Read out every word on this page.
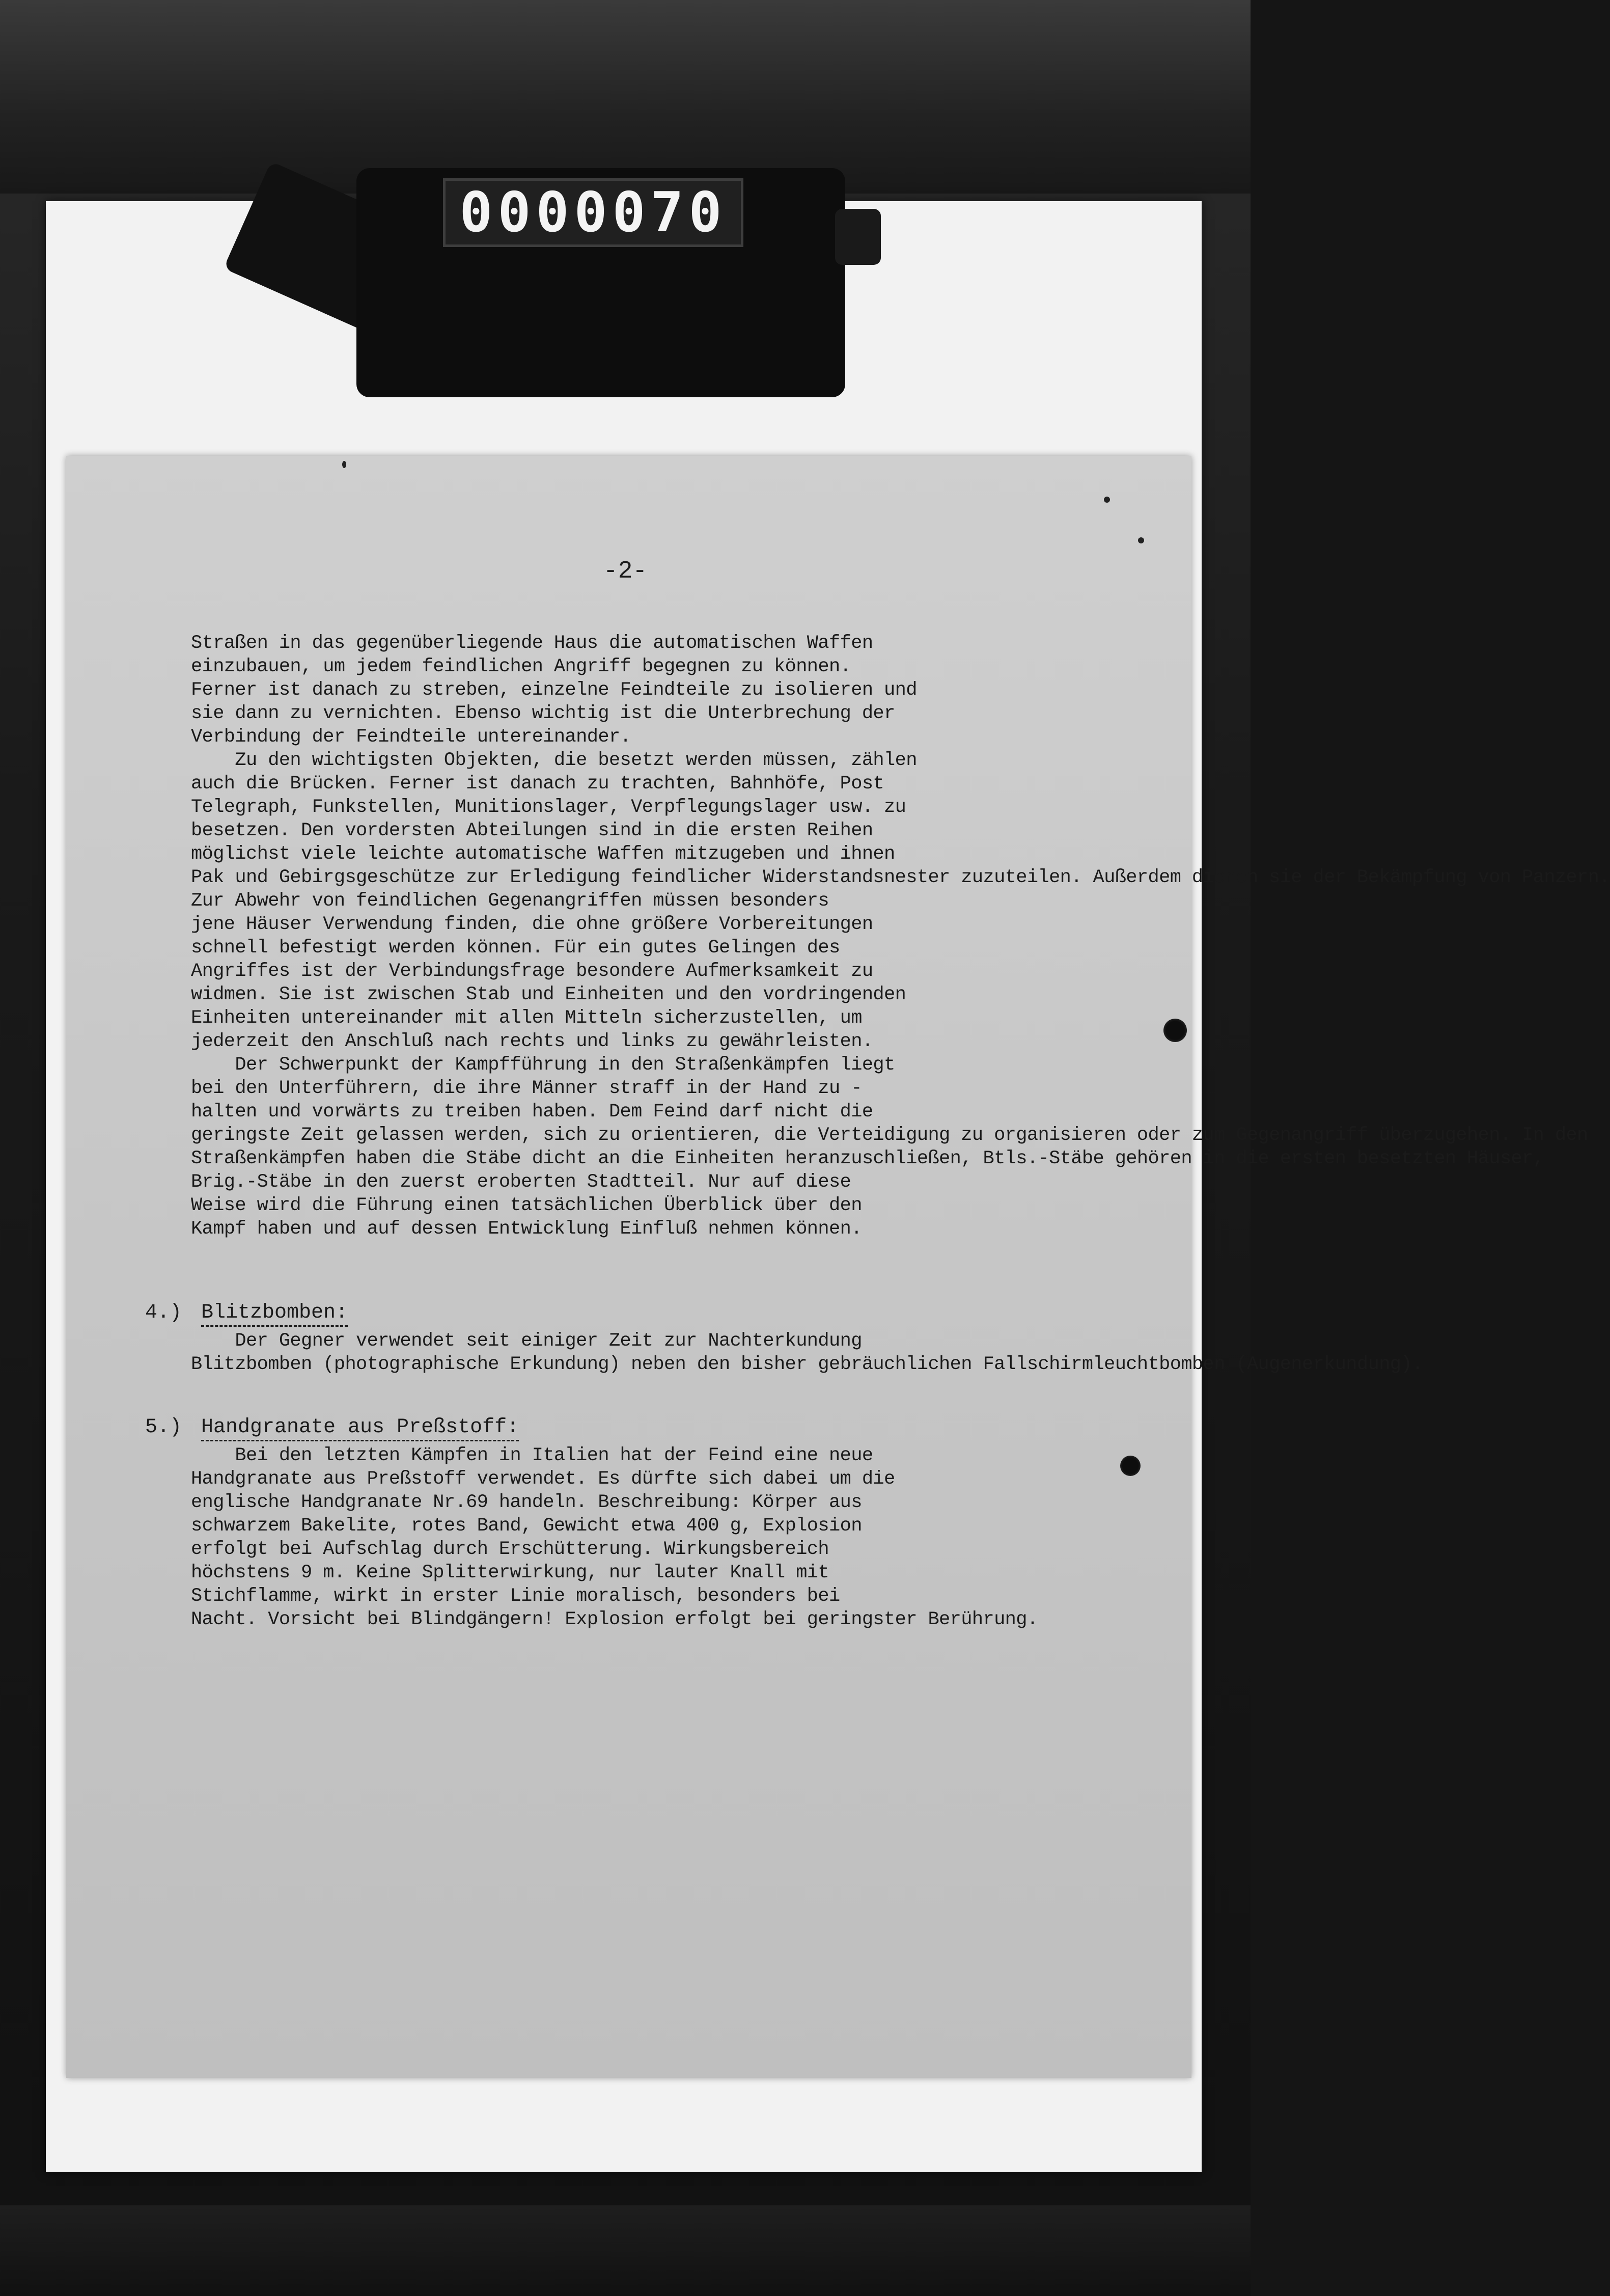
0000070
-2-
Straßen in das gegenüberliegende Haus die automatischen Waffen
einzubauen, um jedem feindlichen Angriff begegnen zu können.
Ferner ist danach zu streben, einzelne Feindteile zu isolieren und
sie dann zu vernichten. Ebenso wichtig ist die Unterbrechung der
Verbindung der Feindteile untereinander.
Zu den wichtigsten Objekten, die besetzt werden müssen, zählen
auch die Brücken. Ferner ist danach zu trachten, Bahnhöfe, Post
Telegraph, Funkstellen, Munitionslager, Verpflegungslager usw. zu
besetzen. Den vordersten Abteilungen sind in die ersten Reihen
möglichst viele leichte automatische Waffen mitzugeben und ihnen
Pak und Gebirgsgeschütze zur Erledigung feindlicher Widerstandsnester zuzuteilen. Außerdem dienen sie der Bekämpfung von Panzern.
Zur Abwehr von feindlichen Gegenangriffen müssen besonders
jene Häuser Verwendung finden, die ohne größere Vorbereitungen
schnell befestigt werden können. Für ein gutes Gelingen des
Angriffes ist der Verbindungsfrage besondere Aufmerksamkeit zu
widmen. Sie ist zwischen Stab und Einheiten und den vordringenden
Einheiten untereinander mit allen Mitteln sicherzustellen, um
jederzeit den Anschluß nach rechts und links zu gewährleisten.
Der Schwerpunkt der Kampfführung in den Straßenkämpfen liegt
bei den Unterführern, die ihre Männer straff in der Hand zu -
halten und vorwärts zu treiben haben. Dem Feind darf nicht die
geringste Zeit gelassen werden, sich zu orientieren, die Verteidigung zu organisieren  zum Gegenangriff überzugehen. In den
Straßenkämpfen haben die Stäbe dicht an die Einheiten heranzuschließen, Btls.-Stäbe  in die ersten besetzten Häuser,
Brig.-Stäbe in den zuerst eroberten Stadtteil. Nur auf diese
Weise wird die Führung einen tatsächlichen Überblick über den
Kampf haben und auf dessen Entwicklung Einfluß nehmen können.
4.) Blitzbomben:
Der Gegner verwendet seit einiger Zeit zur Nachterkundung
Blitzbomben (photographische Erkundung) neben den bisher gebräuchlichen Fallschirmleuchtbomben (Augenerkundung).
5.) Handgranate aus Preßstoff:
Bei den letzten Kämpfen in Italien hat der Feind eine neue
Handgranate aus Preßstoff verwendet. Es dürfte sich dabei um die
englische Handgranate Nr.69 handeln. Beschreibung: Körper aus
schwarzem Bakelite, rotes Band, Gewicht etwa 400 g, Explosion
erfolgt bei Aufschlag durch Erschütterung. Wirkungsbereich
höchstens 9 m. Keine Splitterwirkung, nur lauter Knall mit
Stichflamme, wirkt in erster Linie moralisch, besonders bei
Nacht. Vorsicht bei Blindgängern! Explosion erfolgt bei geringster Berührung.
